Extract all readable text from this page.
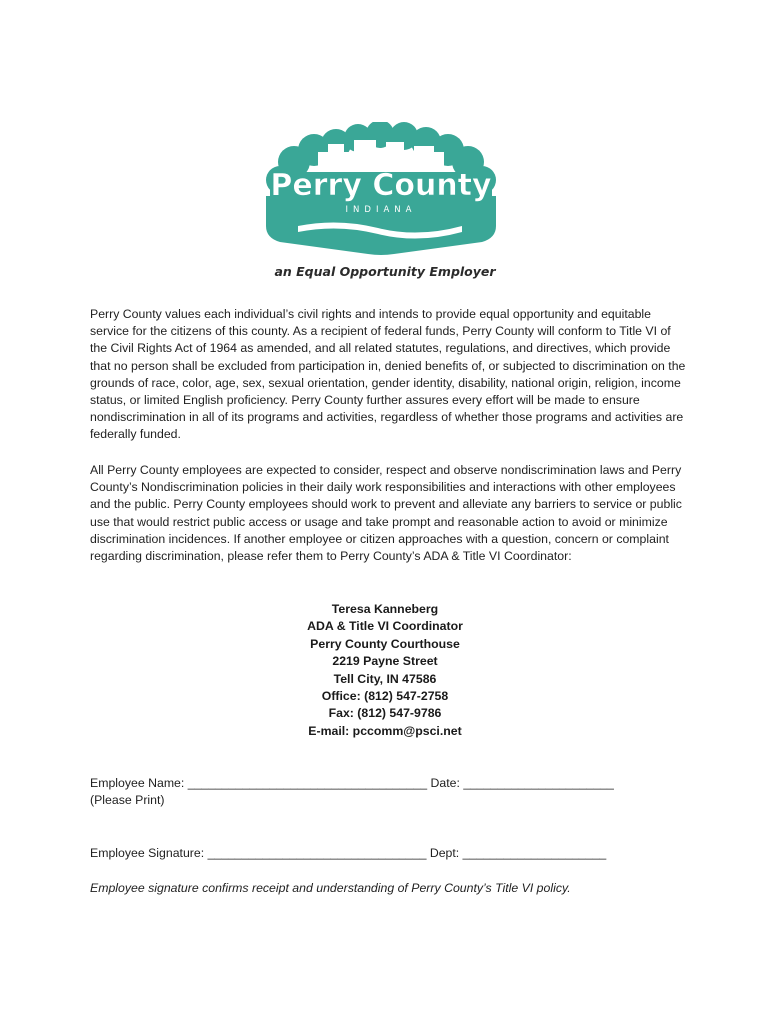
Perry County
INDIANA
an Equal Opportunity Employer
Perry County values each individual’s civil rights and intends to provide equal opportunity and equitable service for the citizens of this county. As a recipient of federal funds, Perry County will conform to Title VI of the Civil Rights Act of 1964 as amended, and all related statutes, regulations, and directives, which provide that no person shall be excluded from participation in, denied benefits of, or subjected to discrimination on the grounds of race, color, age, sex, sexual orientation, gender identity, disability, national origin, religion, income status, or limited English proficiency. Perry County further assures every effort will be made to ensure nondiscrimination in all of its programs and activities, regardless of whether those programs and activities are federally funded.
All Perry County employees are expected to consider, respect and observe nondiscrimination laws and Perry County’s Nondiscrimination policies in their daily work responsibilities and interactions with other employees and the public. Perry County employees should work to prevent and alleviate any barriers to service or public use that would restrict public access or usage and take prompt and reasonable action to avoid or minimize discrimination incidences. If another employee or citizen approaches with a question, concern or complaint regarding discrimination, please refer them to Perry County’s ADA & Title VI Coordinator:
Teresa Kanneberg
ADA & Title VI Coordinator
Perry County Courthouse
2219 Payne Street
Tell City, IN 47586
Office: (812) 547-2758
Fax: (812) 547-9786
E-mail: pccomm@psci.net
Employee Name: ___________________________________ Date: ______________________
(Please Print)
Employee Signature: ________________________________ Dept: _____________________
Employee signature confirms receipt and understanding of Perry County’s Title VI policy.
